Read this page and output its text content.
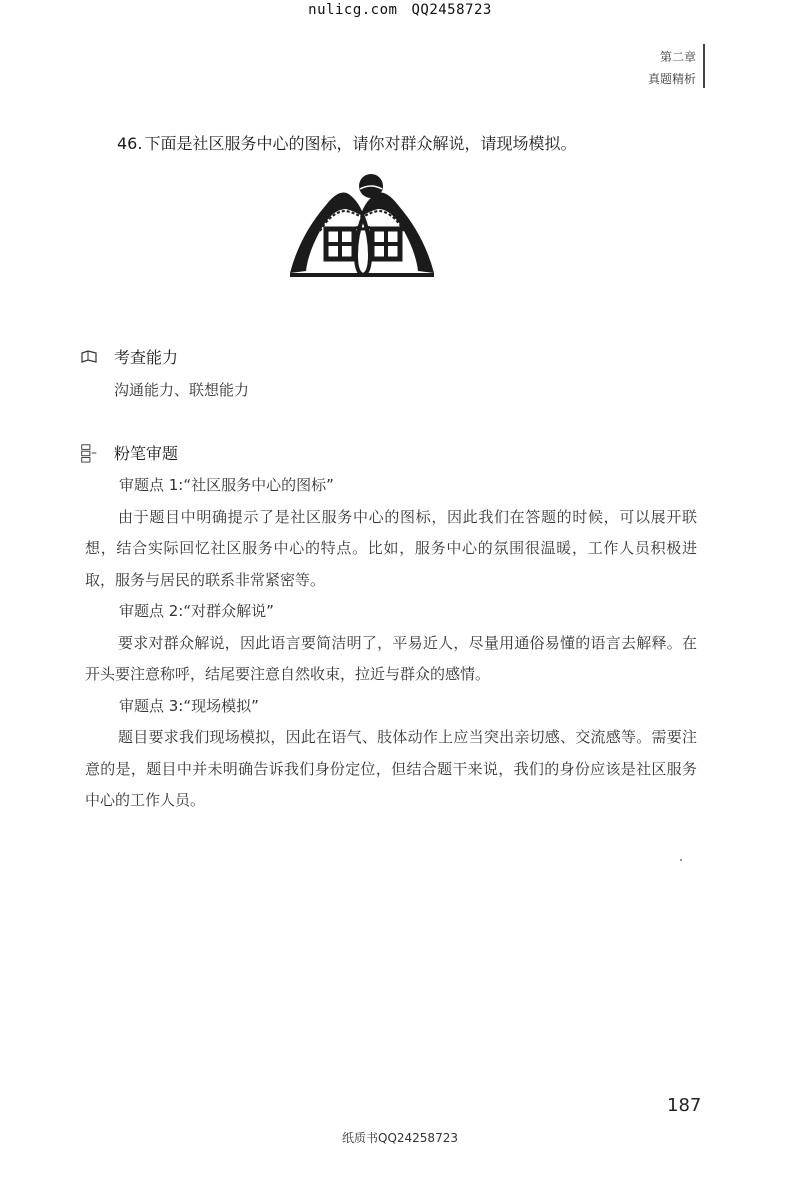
nulicg.com QQ2458723
第二章
真题精析
46. 下面是社区服务中心的图标，请你对群众解说，请现场模拟。
考查能力
沟通能力、联想能力
粉笔审题
审题点 1:“社区服务中心的图标”
由于题目中明确提示了是社区服务中心的图标，因此我们在答题的时候，可以展开联想，结合实际回忆社区服务中心的特点。比如，服务中心的氛围很温暖，工作人员积极进取，服务与居民的联系非常紧密等。
审题点 2:“对群众解说”
要求对群众解说，因此语言要简洁明了，平易近人，尽量用通俗易懂的语言去解释。在开头要注意称呼，结尾要注意自然收束，拉近与群众的感情。
审题点 3:“现场模拟”
题目要求我们现场模拟，因此在语气、肢体动作上应当突出亲切感、交流感等。需要注意的是，题目中并未明确告诉我们身份定位，但结合题干来说，我们的身份应该是社区服务中心的工作人员。
187
纸质书QQ24258723
